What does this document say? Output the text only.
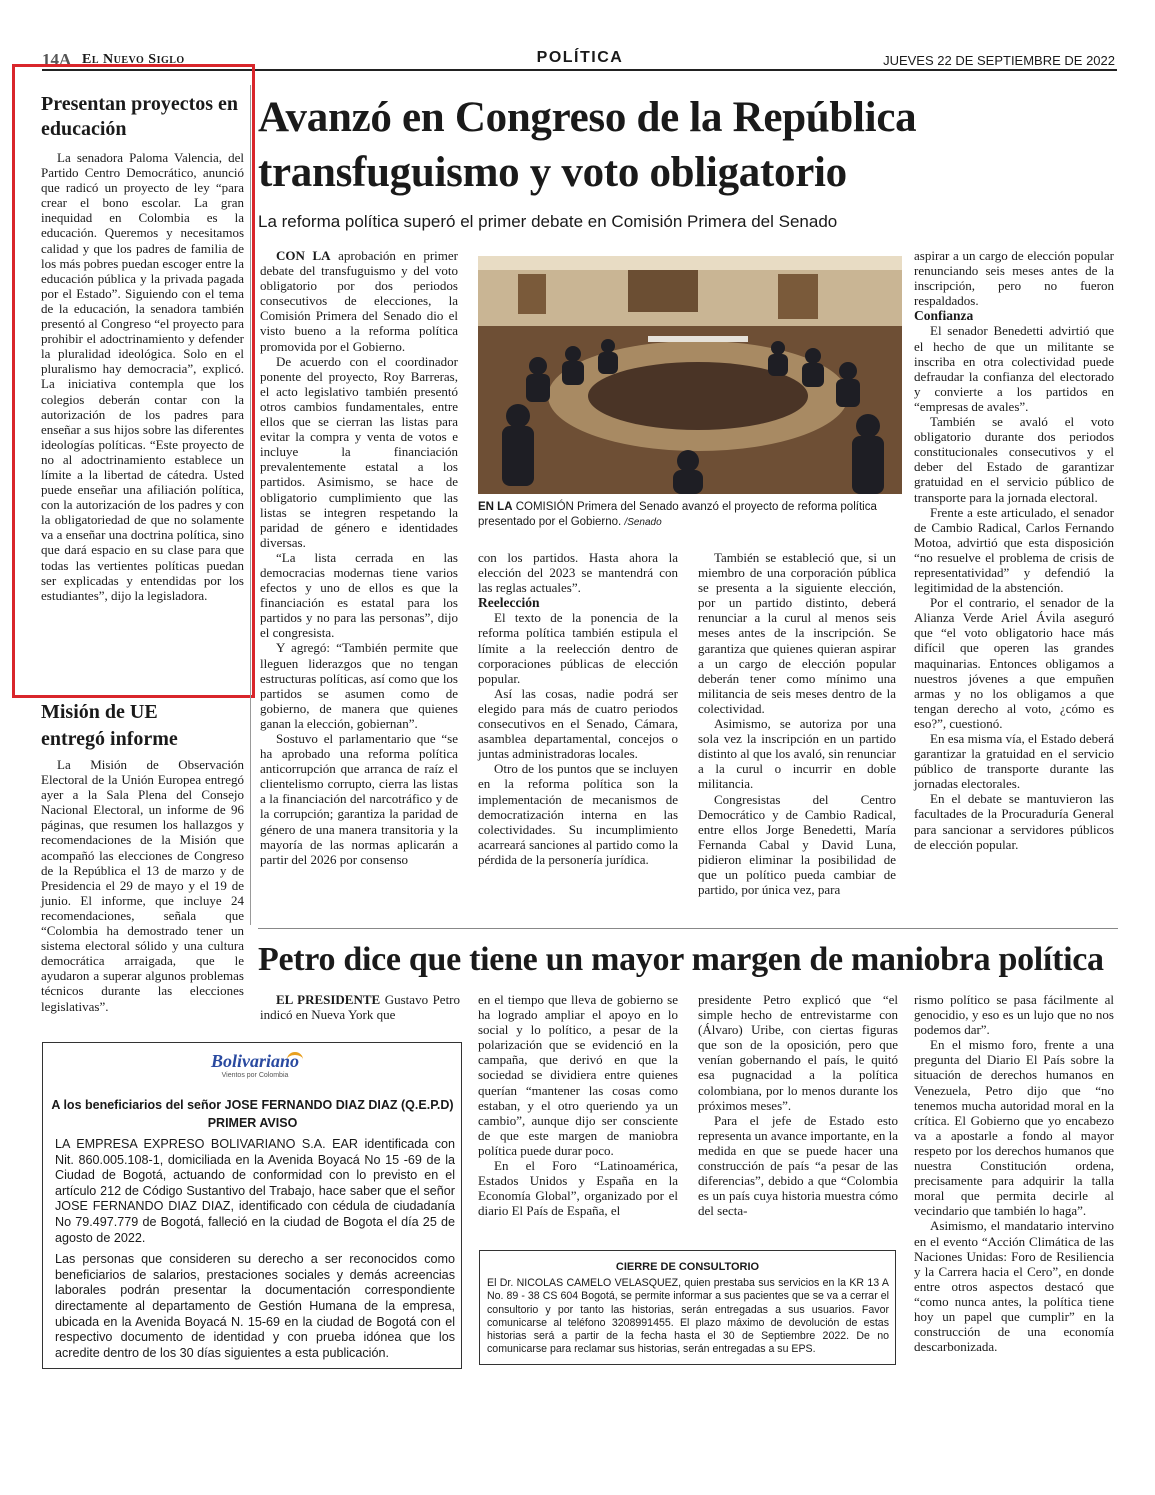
14A El Nuevo Siglo	POLÍTICA	JUEVES 22 DE SEPTIEMBRE DE 2022
Presentan proyectos en educación

La senadora Paloma Valencia, del Partido Centro Democrático, anunció que radicó un proyecto de ley “para crear el bono escolar. La gran inequidad en Colombia es la educación. Queremos y necesitamos calidad y que los padres de familia de los más pobres puedan escoger entre la educación pública y la privada pagada por el Estado”. Siguiendo con el tema de la educación, la senadora también presentó al Congreso “el proyecto para prohibir el adoctrinamiento y defender la pluralidad ideológica. Solo en el pluralismo hay democracia”, explicó. La iniciativa contempla que los colegios deberán contar con la autorización de los padres para enseñar a sus hijos sobre las diferentes ideologías políticas. “Este proyecto de no al adoctrinamiento establece un límite a la libertad de cátedra. Usted puede enseñar una afiliación política, con la autorización de los padres y con la obligatoriedad de que no solamente va a enseñar una doctrina política, sino que dará espacio en su clase para que todas las vertientes políticas puedan ser explicadas y entendidas por los estudiantes”, dijo la legisladora.

Misión de UE entregó informe

La Misión de Observación Electoral de la Unión Europea entregó ayer a la Sala Plena del Consejo Nacional Electoral, un informe de 96 páginas, que resumen los hallazgos y recomendaciones de la Misión que acompañó las elecciones de Congreso de la República el 13 de marzo y de Presidencia el 29 de mayo y el 19 de junio. El informe, que incluye 24 recomendaciones, señala que “Colombia ha demostrado tener un sistema electoral sólido y una cultura democrática arraigada, que le ayudaron a superar algunos problemas técnicos durante las elecciones legislativas”.

Avanzó en Congreso de la República transfuguismo y voto obligatorio
La reforma política superó el primer debate en Comisión Primera del Senado

CON LA aprobación en primer debate del transfuguismo y del voto obligatorio por dos periodos consecutivos de elecciones, la Comisión Primera del Senado dio el visto bueno a la reforma política promovida por el Gobierno.

De acuerdo con el coordinador ponente del proyecto, Roy Barreras, el acto legislativo también presentó otros cambios fundamentales, entre ellos que se cierran las listas para evitar la compra y venta de votos e incluye la financiación prevalentemente estatal a los partidos. Asimismo, se hace de obligatorio cumplimiento que las listas se integren respetando la paridad de género e identidades diversas.

“La lista cerrada en las democracias modernas tiene varios efectos y uno de ellos es que la financiación es estatal para los partidos y no para las personas”, dijo el congresista.

Y agregó: “También permite que lleguen liderazgos que no tengan estructuras políticas, así como que los partidos se asumen como de gobierno, de manera que quienes ganan la elección, gobiernan”.

Sostuvo el parlamentario que “se ha aprobado una reforma política anticorrupción que arranca de raíz el clientelismo corrupto, cierra las listas a la financiación del narcotráfico y de la corrupción; garantiza la paridad de género de una manera transitoria y la mayoría de las normas aplicarán a partir del 2026 por consenso

EN LA COMISIÓN Primera del Senado avanzó el proyecto de reforma política presentado por el Gobierno. /Senado

con los partidos. Hasta ahora la elección del 2023 se mantendrá con las reglas actuales”.

Reelección

El texto de la ponencia de la reforma política también estipula el límite a la reelección dentro de corporaciones públicas de elección popular.

Así las cosas, nadie podrá ser elegido para más de cuatro periodos consecutivos en el Senado, Cámara, asamblea departamental, concejos o juntas administradoras locales.

Otro de los puntos que se incluyen en la reforma política son la implementación de mecanismos de democratización interna en las colectividades. Su incumplimiento acarreará sanciones al partido como la pérdida de la personería jurídica.

También se estableció que, si un miembro de una corporación pública se presenta a la siguiente elección, por un partido distinto, deberá renunciar a la curul al menos seis meses antes de la inscripción. Se garantiza que quienes quieran aspirar a un cargo de elección popular deberán tener como mínimo una militancia de seis meses dentro de la colectividad.

Asimismo, se autoriza por una sola vez la inscripción en un partido distinto al que los avaló, sin renunciar a la curul o incurrir en doble militancia.

Congresistas del Centro Democrático y de Cambio Radical, entre ellos Jorge Benedetti, María Fernanda Cabal y David Luna, pidieron eliminar la posibilidad de que un político pueda cambiar de partido, por única vez, para

aspirar a un cargo de elección popular renunciando seis meses antes de la inscripción, pero no fueron respaldados.

Confianza

El senador Benedetti advirtió que el hecho de que un militante se inscriba en otra colectividad puede defraudar la confianza del electorado y convierte a los partidos en “empresas de avales”.

También se avaló el voto obligatorio durante dos periodos constitucionales consecutivos y el deber del Estado de garantizar gratuidad en el servicio público de transporte para la jornada electoral.

Frente a este articulado, el senador de Cambio Radical, Carlos Fernando Motoa, advirtió que esta disposición “no resuelve el problema de crisis de representatividad” y defendió la legitimidad de la abstención.

Por el contrario, el senador de la Alianza Verde Ariel Ávila aseguró que “el voto obligatorio hace más difícil que operen las grandes maquinarias. Entonces obligamos a nuestros jóvenes a que empuñen armas y no los obligamos a que tengan derecho al voto, ¿cómo es eso?”, cuestionó.

En esa misma vía, el Estado deberá garantizar la gratuidad en el servicio público de transporte durante las jornadas electorales.

En el debate se mantuvieron las facultades de la Procuraduría General para sancionar a servidores públicos de elección popular.

Petro dice que tiene un mayor margen de maniobra política

EL PRESIDENTE Gustavo Petro indicó en Nueva York que

en el tiempo que lleva de gobierno se ha logrado ampliar el apoyo en lo social y lo político, a pesar de la polarización que se evidenció en la campaña, que derivó en que la sociedad se dividiera entre quienes querían “mantener las cosas como estaban, y el otro queriendo ya un cambio”, aunque dijo ser consciente de que este margen de maniobra política puede durar poco.

En el Foro “Latinoamérica, Estados Unidos y España en la Economía Global”, organizado por el diario El País de España, el

presidente Petro explicó que “el simple hecho de entrevistarme con (Álvaro) Uribe, con ciertas figuras que son de la oposición, pero que venían gobernando el país, le quitó esa pugnacidad a la política colombiana, por lo menos durante los próximos meses”.

Para el jefe de Estado esto representa un avance importante, en la medida en que se puede hacer una construcción de país “a pesar de las diferencias”, debido a que “Colombia es un país cuya historia muestra cómo del secta-

rismo político se pasa fácilmente al genocidio, y eso es un lujo que no nos podemos dar”.

En el mismo foro, frente a una pregunta del Diario El País sobre la situación de derechos humanos en Venezuela, Petro dijo que “no tenemos mucha autoridad moral en la crítica. El Gobierno que yo encabezo va a apostarle a fondo al mayor respeto por los derechos humanos que nuestra Constitución ordena, precisamente para adquirir la talla moral que permita decirle al vecindario que también lo haga”.

Asimismo, el mandatario intervino en el evento “Acción Climática de las Naciones Unidas: Foro de Resiliencia y la Carrera hacia el Cero”, en donde entre otros aspectos destacó que “como nunca antes, la política tiene hoy un papel que cumplir” en la construcción de una economía descarbonizada.

Bolivariano
Vientos por Colombia
A los beneficiarios del señor JOSE FERNANDO DIAZ DIAZ (Q.E.P.D)
PRIMER AVISO

LA EMPRESA EXPRESO BOLIVARIANO S.A. EAR identificada con Nit. 860.005.108-1, domiciliada en la Avenida Boyacá No 15 -69 de la Ciudad de Bogotá, actuando de conformidad con lo previsto en el artículo 212 de Código Sustantivo del Trabajo, hace saber que el señor JOSE FERNANDO DIAZ DIAZ, identificado con cédula de ciudadanía No 79.497.779 de Bogotá, falleció en la ciudad de Bogota el día 25 de agosto de 2022.

Las personas que consideren su derecho a ser reconocidos como beneficiarios de salarios, prestaciones sociales y demás acreencias laborales podrán presentar la documentación correspondiente directamente al departamento de Gestión Humana de la empresa, ubicada en la Avenida Boyacá N. 15-69 en la ciudad de Bogotá con el respectivo documento de identidad y con prueba idónea que los acredite dentro de los 30 días siguientes a esta publicación.

CIERRE DE CONSULTORIO
El Dr. NICOLAS CAMELO VELASQUEZ, quien prestaba sus servicios en la KR 13 A No. 89 - 38 CS 604 Bogotá, se permite informar a sus pacientes que se va a cerrar el consultorio y por tanto las historias, serán entregadas a sus usuarios. Favor comunicarse al teléfono 3208991455. El plazo máximo de devolución de estas historias será a partir de la fecha hasta el 30 de Septiembre 2022. De no comunicarse para reclamar sus historias, serán entregadas a su EPS.
